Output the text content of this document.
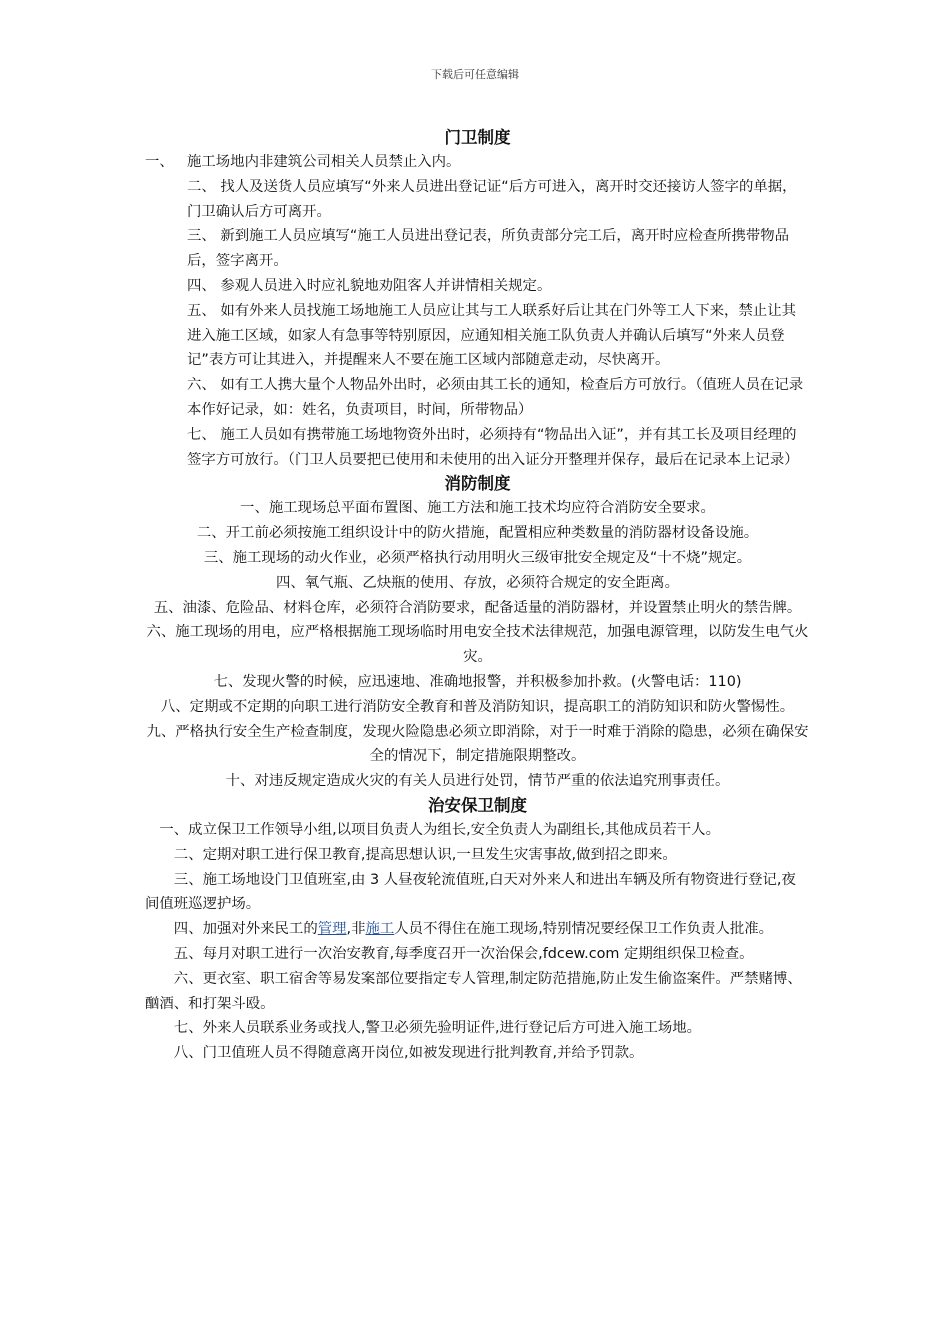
下载后可任意编辑
门卫制度

一、 施工场地内非建筑公司相关人员禁止入内。

二、 找人及送货人员应填写“外来人员进出登记证“后方可进入，离开时交还接访人签字的单据，门卫确认后方可离开。

三、 新到施工人员应填写“施工人员进出登记表，所负责部分完工后，离开时应检查所携带物品后，签字离开。

四、 参观人员进入时应礼貌地劝阻客人并讲情相关规定。

五、 如有外来人员找施工场地施工人员应让其与工人联系好后让其在门外等工人下来，禁止让其进入施工区域，如家人有急事等特别原因，应通知相关施工队负责人并确认后填写“外来人员登记”表方可让其进入，并提醒来人不要在施工区域内部随意走动，尽快离开。

六、 如有工人携大量个人物品外出时，必须由其工长的通知，检查后方可放行。（值班人员在记录本作好记录，如：姓名，负责项目，时间，所带物品）

七、 施工人员如有携带施工场地物资外出时，必须持有“物品出入证”，并有其工长及项目经理的签字方可放行。（门卫人员要把已使用和未使用的出入证分开整理并保存，最后在记录本上记录）

消防制度

一、施工现场总平面布置图、施工方法和施工技术均应符合消防安全要求。

二、开工前必须按施工组织设计中的防火措施，配置相应种类数量的消防器材设备设施。

三、施工现场的动火作业，必须严格执行动用明火三级审批安全规定及“十不烧”规定。

四、氧气瓶、乙炔瓶的使用、存放，必须符合规定的安全距离。

五、油漆、危险品、材料仓库，必须符合消防要求，配备适量的消防器材，并设置禁止明火的禁告牌。

六、施工现场的用电，应严格根据施工现场临时用电安全技术法律规范，加强电源管理，以防发生电气火灾。

七、发现火警的时候，应迅速地、准确地报警，并积极参加扑救。(火警电话：110)

八、定期或不定期的向职工进行消防安全教育和普及消防知识，提高职工的消防知识和防火警惕性。

九、严格执行安全生产检查制度，发现火险隐患必须立即消除，对于一时难于消除的隐患，必须在确保安全的情况下，制定措施限期整改。

十、对违反规定造成火灾的有关人员进行处罚，情节严重的依法追究刑事责任。

治安保卫制度

一、成立保卫工作领导小组,以项目负责人为组长,安全负责人为副组长,其他成员若干人。

二、定期对职工进行保卫教育,提高思想认识,一旦发生灾害事故,做到招之即来。

三、施工场地设门卫值班室,由 3 人昼夜轮流值班,白天对外来人和进出车辆及所有物资进行登记,夜间值班巡逻护场。

四、加强对外来民工的管理,非施工人员不得住在施工现场,特别情况要经保卫工作负责人批准。

五、每月对职工进行一次治安教育,每季度召开一次治保会,fdcew.com 定期组织保卫检查。

六、更衣室、职工宿舍等易发案部位要指定专人管理,制定防范措施,防止发生偷盗案件。严禁赌博、酗酒、和打架斗殴。

七、外来人员联系业务或找人,警卫必须先验明证件,进行登记后方可进入施工场地。

八、门卫值班人员不得随意离开岗位,如被发现进行批判教育,并给予罚款。
